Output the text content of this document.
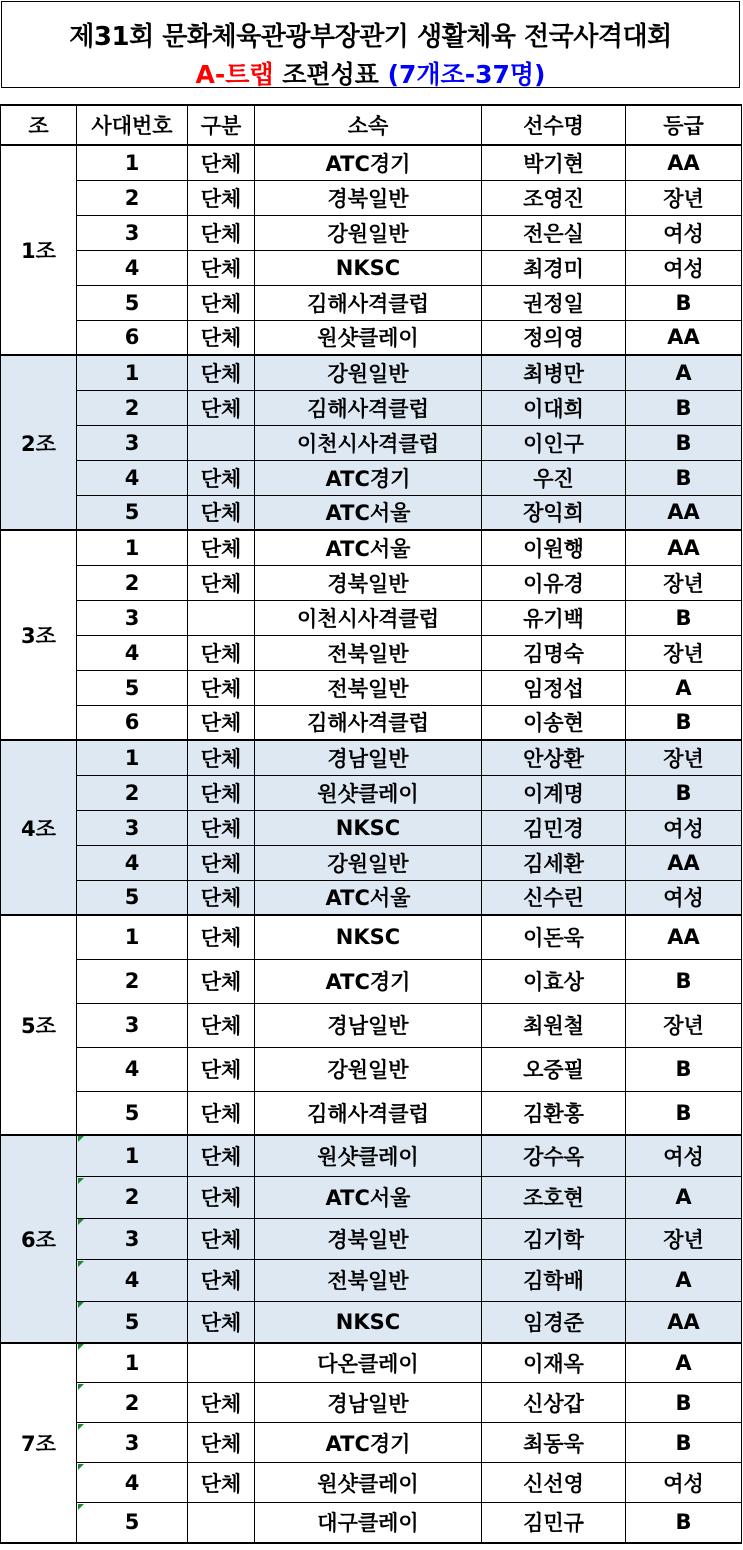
제31회 문화체육관광부장관기 생활체육 전국사격대회
A-트랩 조편성표 (7개조-37명)
조	사대번호	구분	소속	선수명	등급
1조	1	단체	ATC경기	박기현	AA
	2	단체	경북일반	조영진	장년
	3	단체	강원일반	전은실	여성
	4	단체	NKSC	최경미	여성
	5	단체	김해사격클럽	권정일	B
	6	단체	원샷클레이	정의영	AA
2조	1	단체	강원일반	최병만	A
	2	단체	김해사격클럽	이대희	B
	3		이천시사격클럽	이인구	B
	4	단체	ATC경기	우진	B
	5	단체	ATC서울	장익희	AA
3조	1	단체	ATC서울	이원행	AA
	2	단체	경북일반	이유경	장년
	3		이천시사격클럽	유기백	B
	4	단체	전북일반	김명숙	장년
	5	단체	전북일반	임정섭	A
	6	단체	김해사격클럽	이송현	B
4조	1	단체	경남일반	안상환	장년
	2	단체	원샷클레이	이계명	B
	3	단체	NKSC	김민경	여성
	4	단체	강원일반	김세환	AA
	5	단체	ATC서울	신수린	여성
5조	1	단체	NKSC	이돈욱	AA
	2	단체	ATC경기	이효상	B
	3	단체	경남일반	최원철	장년
	4	단체	강원일반	오중필	B
	5	단체	김해사격클럽	김환홍	B
6조	1	단체	원샷클레이	강수옥	여성
	2	단체	ATC서울	조호현	A
	3	단체	경북일반	김기학	장년
	4	단체	전북일반	김학배	A
	5	단체	NKSC	임경준	AA
7조	1		다온클레이	이재옥	A
	2	단체	경남일반	신상갑	B
	3	단체	ATC경기	최동욱	B
	4	단체	원샷클레이	신선영	여성
	5		대구클레이	김민규	B
